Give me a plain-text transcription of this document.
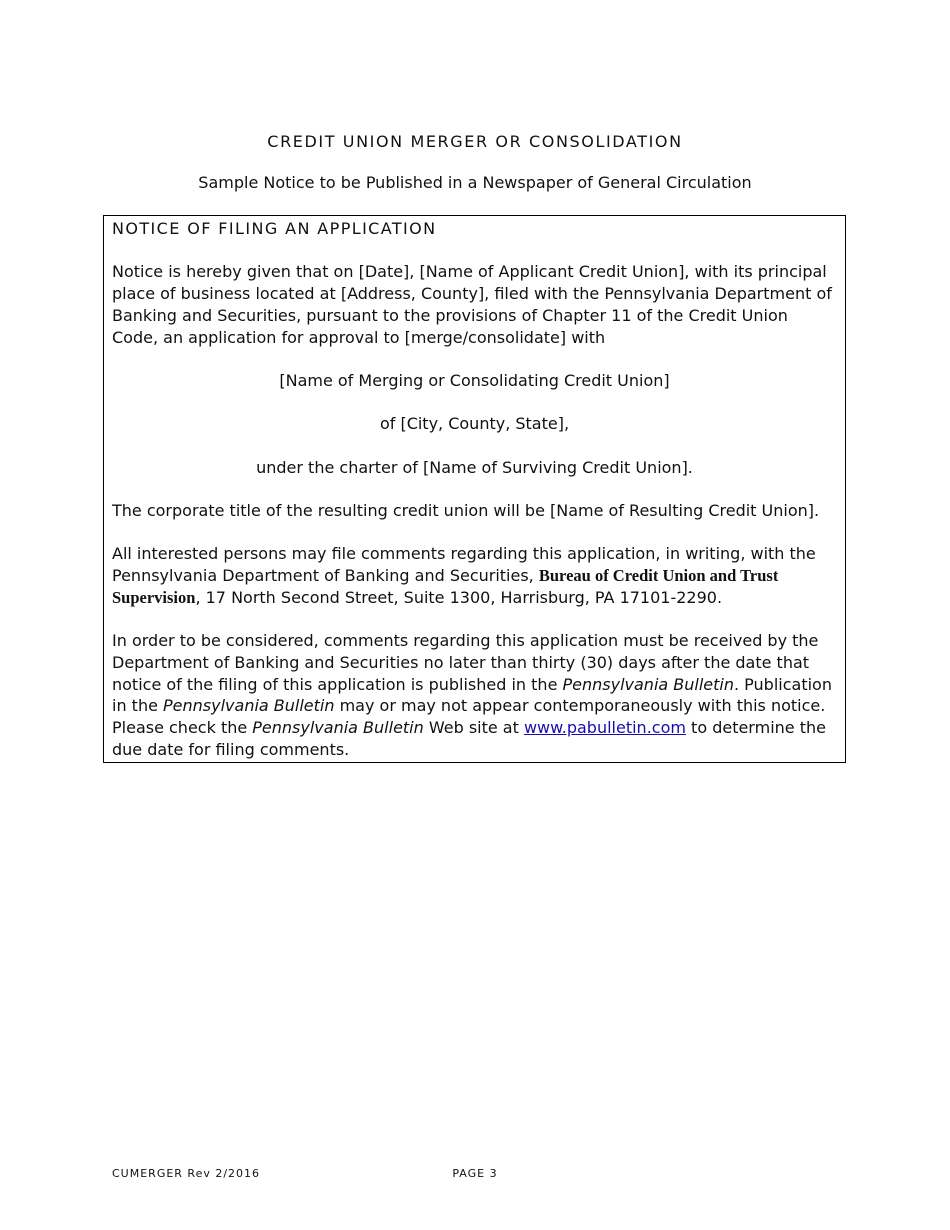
CREDIT UNION MERGER OR CONSOLIDATION
Sample Notice to be Published in a Newspaper of General Circulation

NOTICE OF FILING AN APPLICATION

Notice is hereby given that on [Date], [Name of Applicant Credit Union], with its principal place of business located at [Address, County], filed with the Pennsylvania Department of Banking and Securities, pursuant to the provisions of Chapter 11 of the Credit Union Code, an application for approval to [merge/consolidate] with

[Name of Merging or Consolidating Credit Union]

of [City, County, State],

under the charter of [Name of Surviving Credit Union].

The corporate title of the resulting credit union will be [Name of Resulting Credit Union].

All interested persons may file comments regarding this application, in writing, with the Pennsylvania Department of Banking and Securities, Bureau of Credit Union and Trust Supervision, 17 North Second Street, Suite 1300, Harrisburg, PA 17101-2290.

In order to be considered, comments regarding this application must be received by the Department of Banking and Securities no later than thirty (30) days after the date that notice of the filing of this application is published in the Pennsylvania Bulletin. Publication in the Pennsylvania Bulletin may or may not appear contemporaneously with this notice. Please check the Pennsylvania Bulletin Web site at www.pabulletin.com to determine the due date for filing comments.

CUMERGER Rev 2/2016	PAGE 3
